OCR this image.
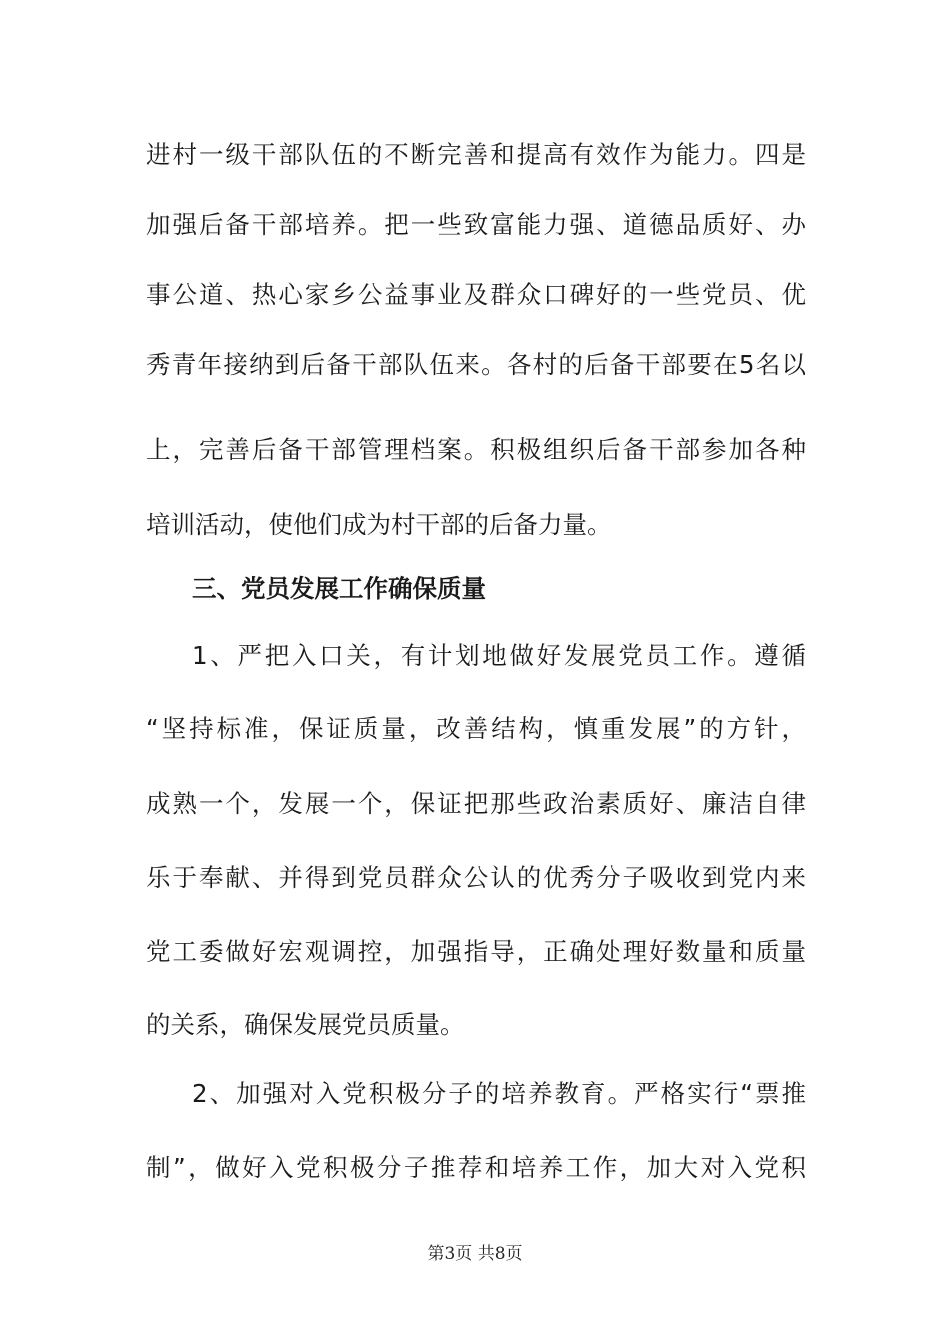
进村一级干部队伍的不断完善和提高有效作为能力。四是
加强后备干部培养。把一些致富能力强、道德品质好、办
事公道、热心家乡公益事业及群众口碑好的一些党员、优
秀青年接纳到后备干部队伍来。各村的后备干部要在5名以
上，完善后备干部管理档案。积极组织后备干部参加各种
培训活动，使他们成为村干部的后备力量。
三、党员发展工作确保质量
1、严把入口关，有计划地做好发展党员工作。遵循
“坚持标准，保证质量，改善结构，慎重发展”的方针，
成熟一个，发展一个，保证把那些政治素质好、廉洁自律
乐于奉献、并得到党员群众公认的优秀分子吸收到党内来
党工委做好宏观调控，加强指导，正确处理好数量和质量
的关系，确保发展党员质量。
2、加强对入党积极分子的培养教育。严格实行“票推
制”，做好入党积极分子推荐和培养工作，加大对入党积
第3页 共8页
